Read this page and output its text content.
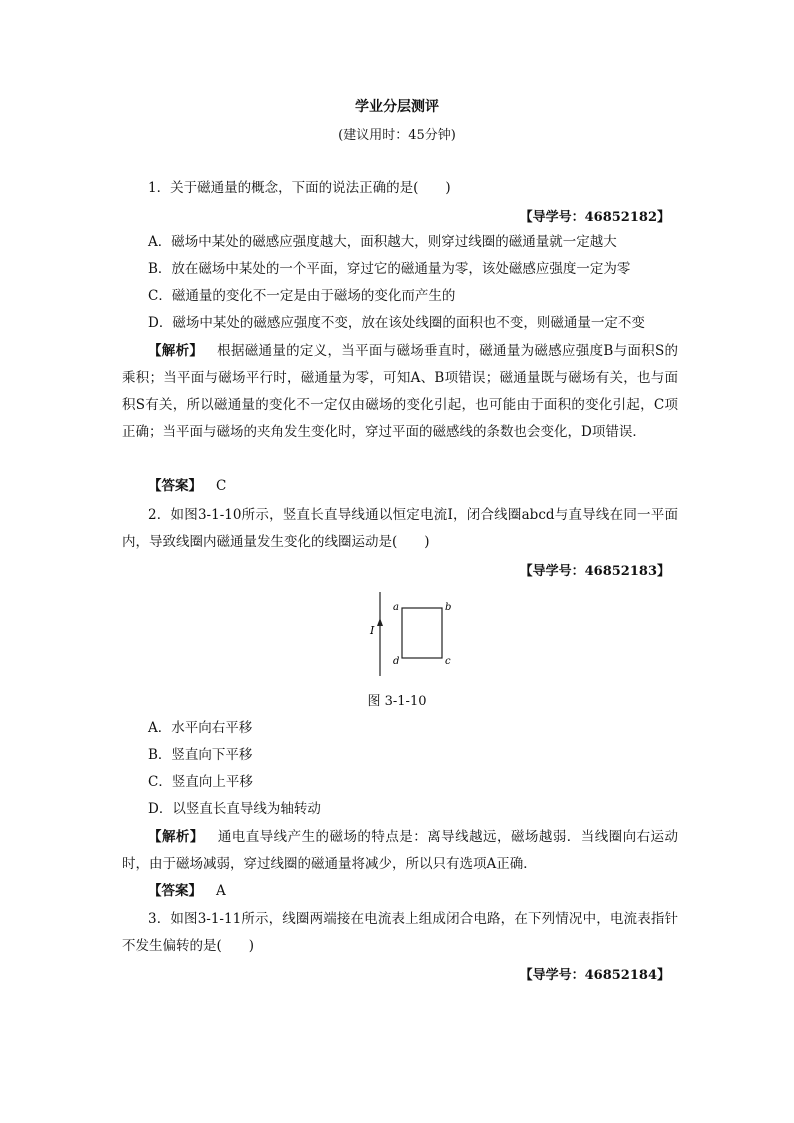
学业分层测评
(建议用时：45分钟)
1．关于磁通量的概念，下面的说法正确的是(　　)
【导学号：46852182】
A．磁场中某处的磁感应强度越大，面积越大，则穿过线圈的磁通量就一定越大
B．放在磁场中某处的一个平面，穿过它的磁通量为零，该处磁感应强度一定为零
C．磁通量的变化不一定是由于磁场的变化而产生的
D．磁场中某处的磁感应强度不变，放在该处线圈的面积也不变，则磁通量一定不变
【解析】 根据磁通量的定义，当平面与磁场垂直时，磁通量为磁感应强度B与面积S的乘积；当平面与磁场平行时，磁通量为零，可知A、B项错误；磁通量既与磁场有关，也与面积S有关，所以磁通量的变化不一定仅由磁场的变化引起，也可能由于面积的变化引起，C项正确；当平面与磁场的夹角发生变化时，穿过平面的磁感线的条数也会变化，D项错误．
【答案】 C
2．如图3-1-10所示，竖直长直导线通以恒定电流I，闭合线圈abcd与直导线在同一平面内，导致线圈内磁通量发生变化的线圈运动是(　　)
【导学号：46852183】
I
a	b
c
d
图 3-1-10
A．水平向右平移
B．竖直向下平移
C．竖直向上平移
D．以竖直长直导线为轴转动
【解析】 通电直导线产生的磁场的特点是：离导线越远，磁场越弱．当线圈向右运动时，由于磁场减弱，穿过线圈的磁通量将减少，所以只有选项A正确．
【答案】 A
3．如图3-1-11所示，线圈两端接在电流表上组成闭合电路，在下列情况中，电流表指针不发生偏转的是(　　)
【导学号：46852184】
